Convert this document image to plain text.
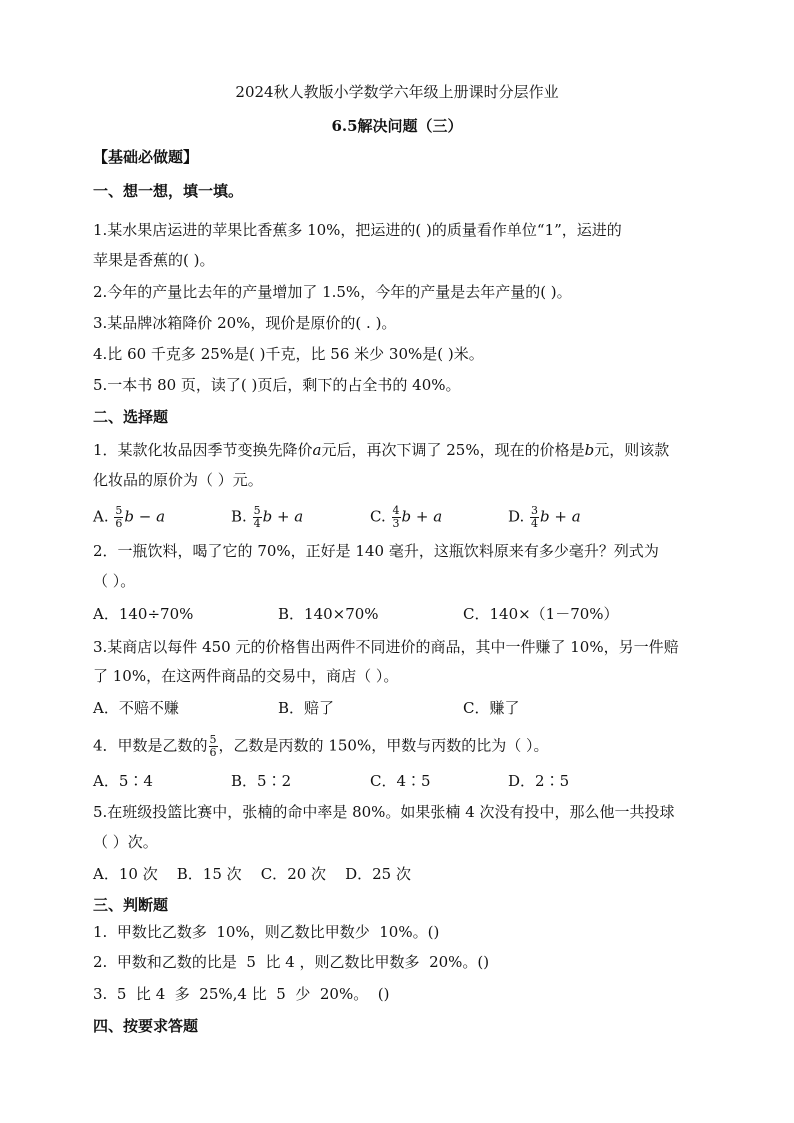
2024秋人教版小学数学六年级上册课时分层作业
6.5解决问题（三）
【基础必做题】
一、想一想，填一填。
1.某水果店运进的苹果比香蕉多 10%，把运进的( )的质量看作单位“1”，运进的
苹果是香蕉的( )。
2.今年的产量比去年的产量增加了 1.5%，今年的产量是去年产量的( )。
3.某品牌冰箱降价 20%，现价是原价的( . )。
4.比 60 千克多 25%是( )千克，比 56 米少 30%是( )米。
5.一本书 80 页，读了( )页后，剩下的占全书的 40%。
二、选择题
1．某款化妆品因季节变换先降价a元后，再次下调了 25%，现在的价格是b元，则该款
化妆品的原价为（ ）元。
A. $\frac{5}{6}$ b − a	B. $\frac{5}{4}$ b + a	C. $\frac{4}{3}$ b + a	D. $\frac{3}{4}$ b + a
2．一瓶饮料，喝了它的 70%，正好是 140 毫升，这瓶饮料原来有多少毫升？列式为
（ ）。
A．140÷70%	B．140×70%	C．140×（1－70%）
3.某商店以每件 450 元的价格售出两件不同进价的商品，其中一件赚了 10%，另一件赔
了 10%，在这两件商品的交易中，商店（ ）。
A．不赔不赚	B．赔了	C．赚了
4．甲数是乙数的 $\frac{5}{6}$ ，乙数是丙数的 150%，甲数与丙数的比为（ ）。
A．5∶4	B．5∶2	C．4∶5	D．2∶5
5.在班级投篮比赛中，张楠的命中率是 80%。如果张楠 4 次没有投中，那么他一共投球
（ ）次。
A．10 次    B．15 次    C．20 次    D．25 次
三、判断题
1.  甲数比乙数多  10%，则乙数比甲数少  10%。()
2.  甲数和乙数的比是  5  比 4 ，则乙数比甲数多  20%。()
3.  5  比 4  多  25%,4 比  5  少  20%。  ()
四、按要求答题
